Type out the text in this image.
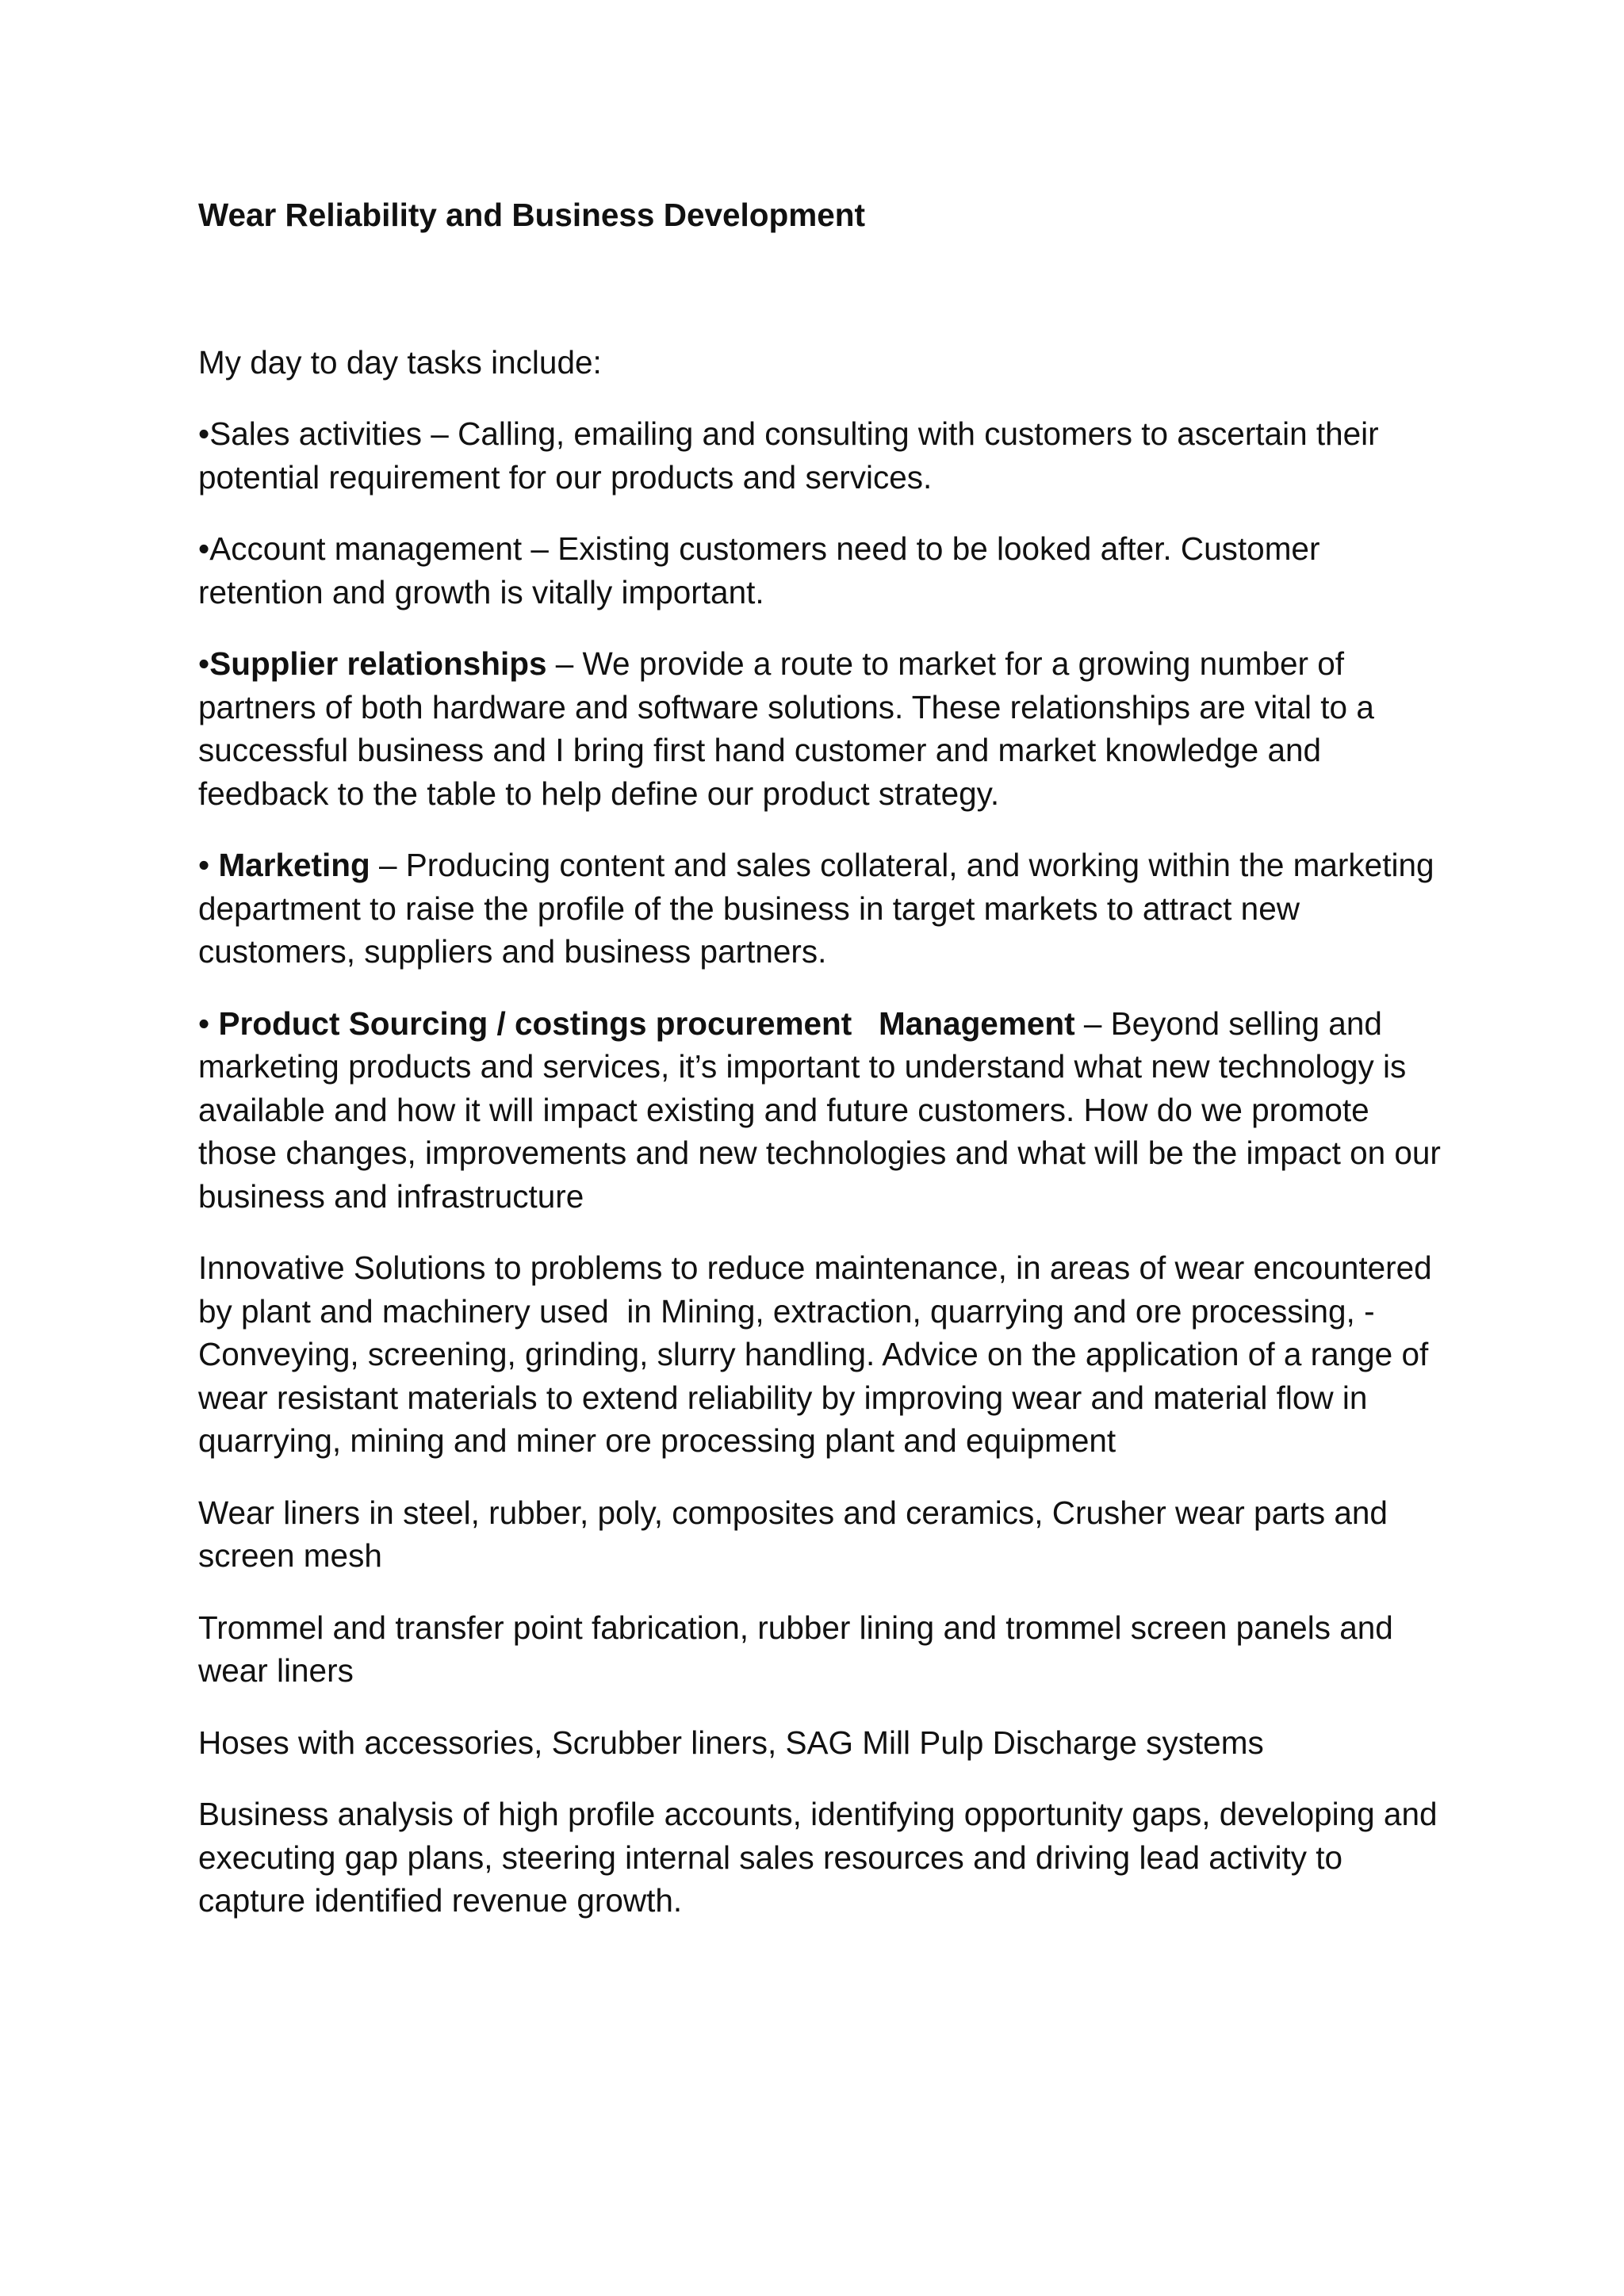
Wear Reliability and Business Development

My day to day tasks include:

•Sales activities – Calling, emailing and consulting with customers to ascertain their potential requirement for our products and services.

•Account management – Existing customers need to be looked after. Customer retention and growth is vitally important.

•Supplier relationships – We provide a route to market for a growing number of partners of both hardware and software solutions. These relationships are vital to a successful business and I bring first hand customer and market knowledge and feedback to the table to help define our product strategy.

• Marketing – Producing content and sales collateral, and working within the marketing department to raise the profile of the business in target markets to attract new customers, suppliers and business partners.

• Product Sourcing / costings procurement   Management – Beyond selling and marketing products and services, it’s important to understand what new technology is available and how it will impact existing and future customers. How do we promote those changes, improvements and new technologies and what will be the impact on our business and infrastructure

Innovative Solutions to problems to reduce maintenance, in areas of wear encountered by plant and machinery used  in Mining, extraction, quarrying and ore processing, - Conveying, screening, grinding, slurry handling. Advice on the application of a range of wear resistant materials to extend reliability by improving wear and material flow in quarrying, mining and miner ore processing plant and equipment

Wear liners in steel, rubber, poly, composites and ceramics, Crusher wear parts and screen mesh

Trommel and transfer point fabrication, rubber lining and trommel screen panels and wear liners

Hoses with accessories, Scrubber liners, SAG Mill Pulp Discharge systems

Business analysis of high profile accounts, identifying opportunity gaps, developing and executing gap plans, steering internal sales resources and driving lead activity to capture identified revenue growth.
